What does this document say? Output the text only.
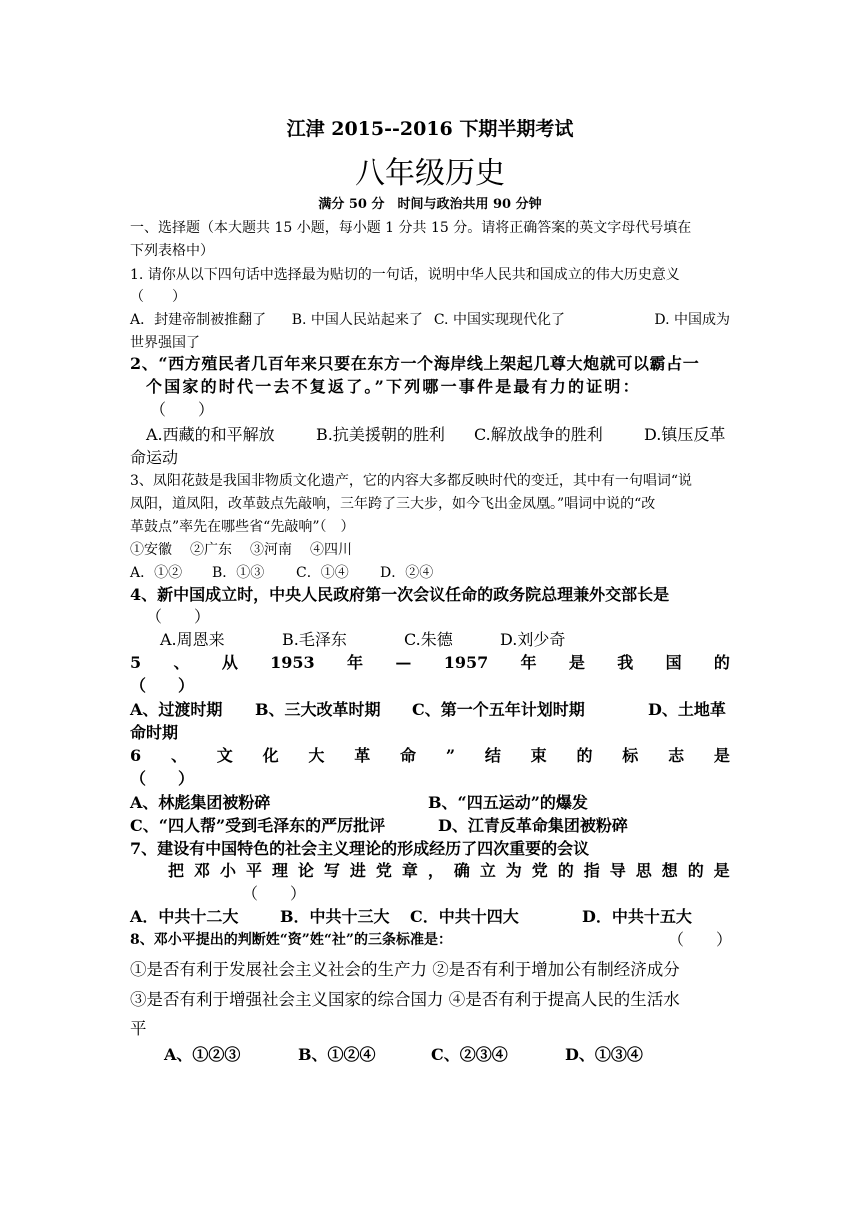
江津 2015--2016 下期半期考试
八年级历史
满分 50 分　时间与政治共用 90 分钟
一、选择题（本大题共 15 小题，每小题 1 分共 15 分。请将正确答案的英文字母代号填在
下列表格中）
1. 请你从以下四句话中选择最为贴切的一句话，说明中华人民共和国成立的伟大历史意义
（　　）
A．封建帝制被推翻了	B. 中国人民站起来了 C. 中国实现现代化了	D. 中国成为
世界强国了
2、“西方殖民者几百年来只要在东方一个海岸线上架起几尊大炮就可以霸占一
个国家的时代一去不复返了。”下列哪一事件是最有力的证明：
（　　）
A.西藏的和平解放	B.抗美援朝的胜利	C.解放战争的胜利	D.镇压反革
命运动
3、凤阳花鼓是我国非物质文化遗产，它的内容大多都反映时代的变迁，其中有一句唱词“说
凤阳，道凤阳，改革鼓点先敲响，三年跨了三大步，如今飞出金凤凰。”唱词中说的“改
革鼓点”率先在哪些省“先敲响”（　）
①安徽	②广东	③河南	④四川
A．①②	B．①③	C．①④	D．②④
4、新中国成立时，中央人民政府第一次会议任命的政务院总理兼外交部长是
（　　）
A.周恩来	B.毛泽东	C.朱德	D.刘少奇
5 、 从 1953 年 — 1957 年 是 我 国 的
（　　）
A、过渡时期	B、三大改革时期	C、第一个五年计划时期	D、土地革
命时期
6 、 文 化 大 革 命 ” 结 束 的 标 志 是
（　　）
A、林彪集团被粉碎	B、“四五运动”的爆发
C、“四人帮”受到毛泽东的严厉批评	D、江青反革命集团被粉碎
7、建设有中国特色的社会主义理论的形成经历了四次重要的会议
把 邓 小 平 理 论 写 进 党 章 ， 确 立 为 党 的 指 导 思 想 的 是
（　　）
A．中共十二大	B．中共十三大	C．中共十四大	D．中共十五大
8、邓小平提出的判断姓“资”姓“社”的三条标准是：	（　　）
①是否有利于发展社会主义社会的生产力 ②是否有利于增加公有制经济成分
③是否有利于增强社会主义国家的综合国力 ④是否有利于提高人民的生活水
平
A、①②③	B、①②④	C、②③④	D、①③④
